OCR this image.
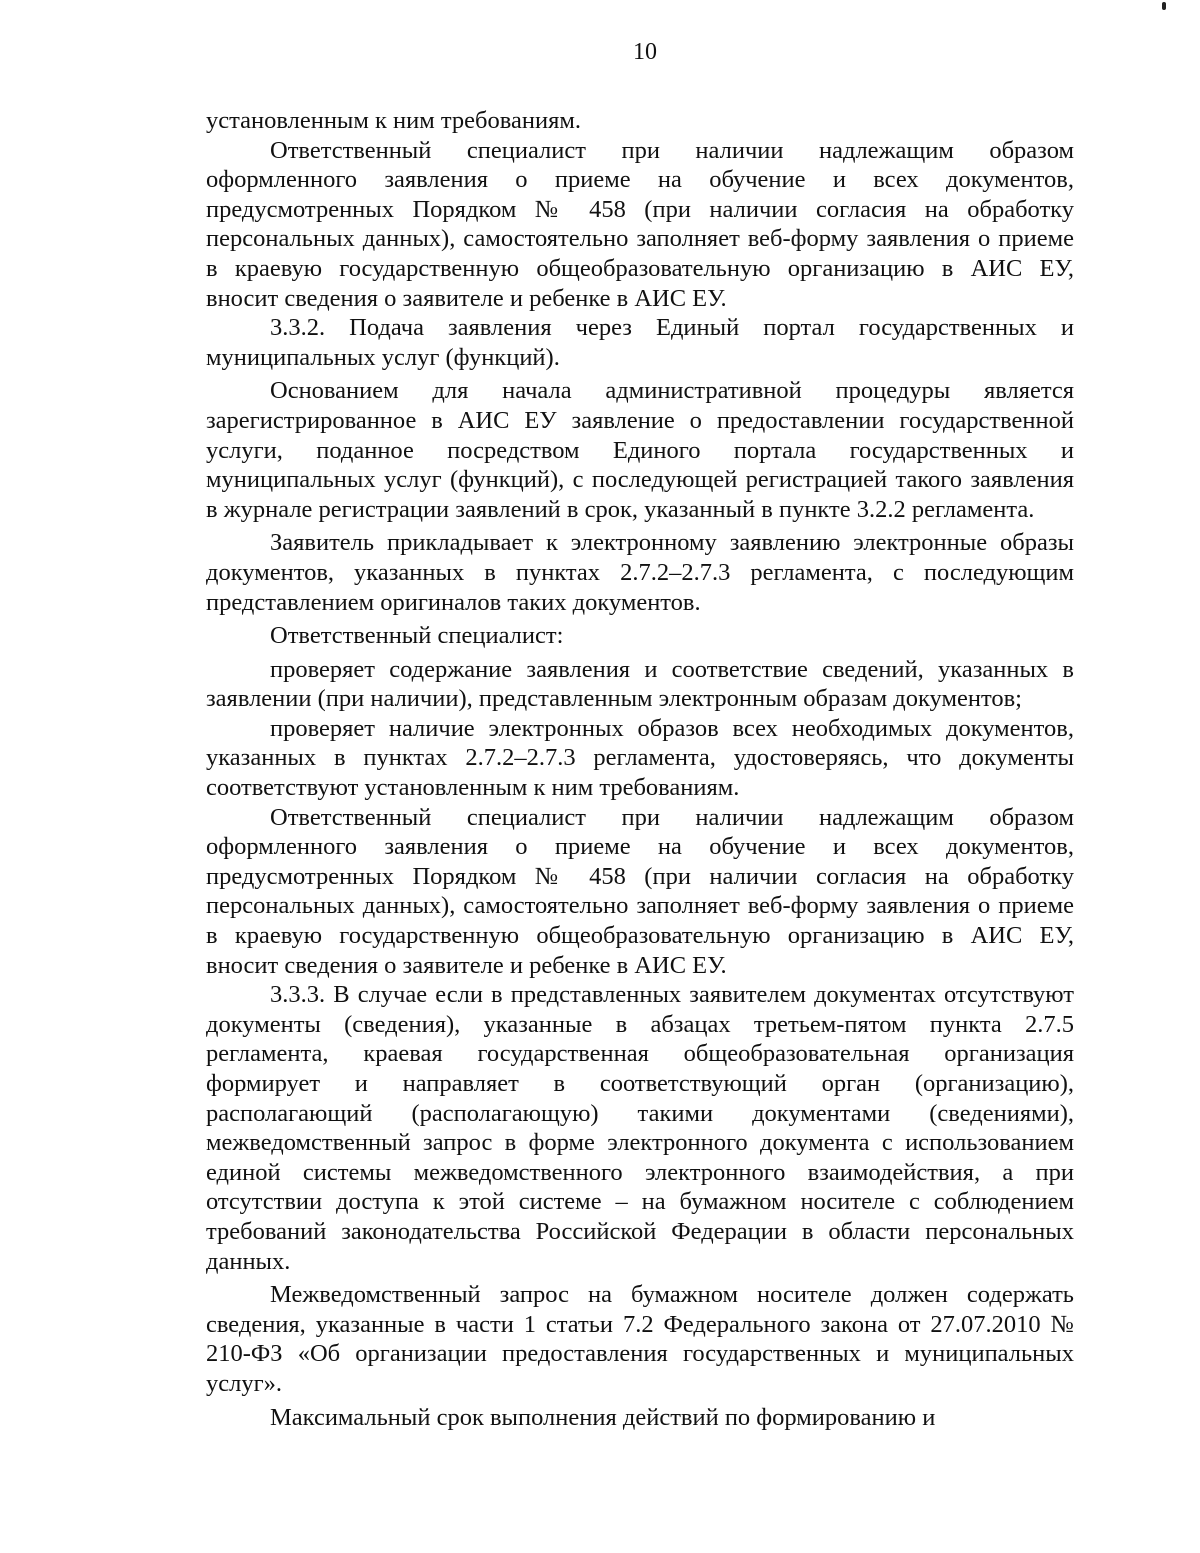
10

установленным к ним требованиям.

Ответственный специалист при наличии надлежащим образом оформленного заявления о приеме на обучение и всех документов, предусмотренных Порядком № 458 (при наличии согласия на обработку персональных данных), самостоятельно заполняет веб-форму заявления о приеме в краевую государственную общеобразовательную организацию в АИС ЕУ, вносит сведения о заявителе и ребенке в АИС ЕУ.

3.3.2. Подача заявления через Единый портал государственных и муниципальных услуг (функций).

Основанием для начала административной процедуры является зарегистрированное в АИС ЕУ заявление о предоставлении государственной услуги, поданное посредством Единого портала государственных и муниципальных услуг (функций), с последующей регистрацией такого заявления в журнале регистрации заявлений в срок, указанный в пункте 3.2.2 регламента.

Заявитель прикладывает к электронному заявлению электронные образы документов, указанных в пунктах 2.7.2–2.7.3 регламента, с последующим представлением оригиналов таких документов.

Ответственный специалист:

проверяет содержание заявления и соответствие сведений, указанных в заявлении (при наличии), представленным электронным образам документов;

проверяет наличие электронных образов всех необходимых документов, указанных в пунктах 2.7.2–2.7.3 регламента, удостоверяясь, что документы соответствуют установленным к ним требованиям.

Ответственный специалист при наличии надлежащим образом оформленного заявления о приеме на обучение и всех документов, предусмотренных Порядком № 458 (при наличии согласия на обработку персональных данных), самостоятельно заполняет веб-форму заявления о приеме в краевую государственную общеобразовательную организацию в АИС ЕУ, вносит сведения о заявителе и ребенке в АИС ЕУ.

3.3.3. В случае если в представленных заявителем документах отсутствуют документы (сведения), указанные в абзацах третьем-пятом пункта 2.7.5 регламента, краевая государственная общеобразовательная организация формирует и направляет в соответствующий орган (организацию), располагающий (располагающую) такими документами (сведениями), межведомственный запрос в форме электронного документа с использованием единой системы межведомственного электронного взаимодействия, а при отсутствии доступа к этой системе – на бумажном носителе с соблюдением требований законодательства Российской Федерации в области персональных данных.

Межведомственный запрос на бумажном носителе должен содержать сведения, указанные в части 1 статьи 7.2 Федерального закона от 27.07.2010 № 210-ФЗ «Об организации предоставления государственных и муниципальных услуг».

Максимальный срок выполнения действий по формированию и
